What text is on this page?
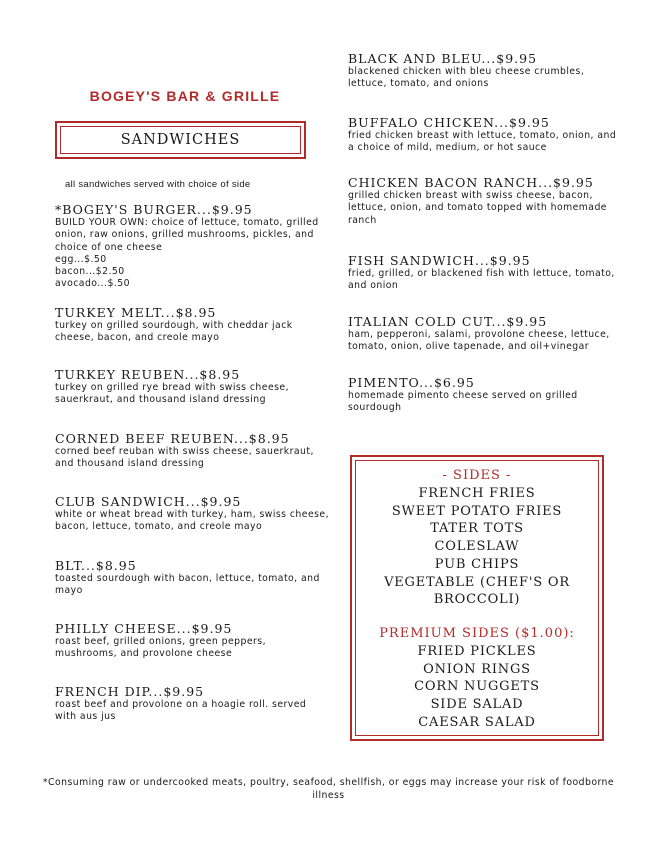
BOGEY'S BAR & GRILLE
SANDWICHES
all sandwiches served with choice of side
*BOGEY'S BURGER...$9.95
BUILD YOUR OWN: choice of lettuce, tomato, grilled onion, raw onions, grilled mushrooms, pickles, and choice of one cheese
egg...$.50
bacon...$2.50
avocado...$.50
TURKEY MELT...$8.95
turkey on grilled sourdough, with cheddar jack cheese, bacon, and creole mayo
TURKEY REUBEN...$8.95
turkey on grilled rye bread with swiss cheese, sauerkraut, and thousand island dressing
CORNED BEEF REUBEN...$8.95
corned beef reuban with swiss cheese, sauerkraut, and thousand island dressing
CLUB SANDWICH...$9.95
white or wheat bread with turkey, ham, swiss cheese, bacon, lettuce, tomato, and creole mayo
BLT...$8.95
toasted sourdough with bacon, lettuce, tomato, and mayo
PHILLY CHEESE...$9.95
roast beef, grilled onions, green peppers, mushrooms, and provolone cheese
FRENCH DIP...$9.95
roast beef and provolone on a hoagie roll. served with aus jus
BLACK AND BLEU...$9.95
blackened chicken with bleu cheese crumbles, lettuce, tomato, and onions
BUFFALO CHICKEN...$9.95
fried chicken breast with lettuce, tomato, onion, and a choice of mild, medium, or hot sauce
CHICKEN BACON RANCH...$9.95
grilled chicken breast with swiss cheese, bacon, lettuce, onion, and tomato topped with homemade ranch
FISH SANDWICH...$9.95
fried, grilled, or blackened fish with lettuce, tomato, and onion
ITALIAN COLD CUT...$9.95
ham, pepperoni, salami, provolone cheese, lettuce, tomato, onion, olive tapenade, and oil+vinegar
PIMENTO...$6.95
homemade pimento cheese served on grilled sourdough
- SIDES -
FRENCH FRIES
SWEET POTATO FRIES
TATER TOTS
COLESLAW
PUB CHIPS
VEGETABLE (CHEF'S OR
BROCCOLI)
PREMIUM SIDES ($1.00):
FRIED PICKLES
ONION RINGS
CORN NUGGETS
SIDE SALAD
CAESAR SALAD
*Consuming raw or undercooked meats, poultry, seafood, shellfish, or eggs may increase your risk of foodborne illness
